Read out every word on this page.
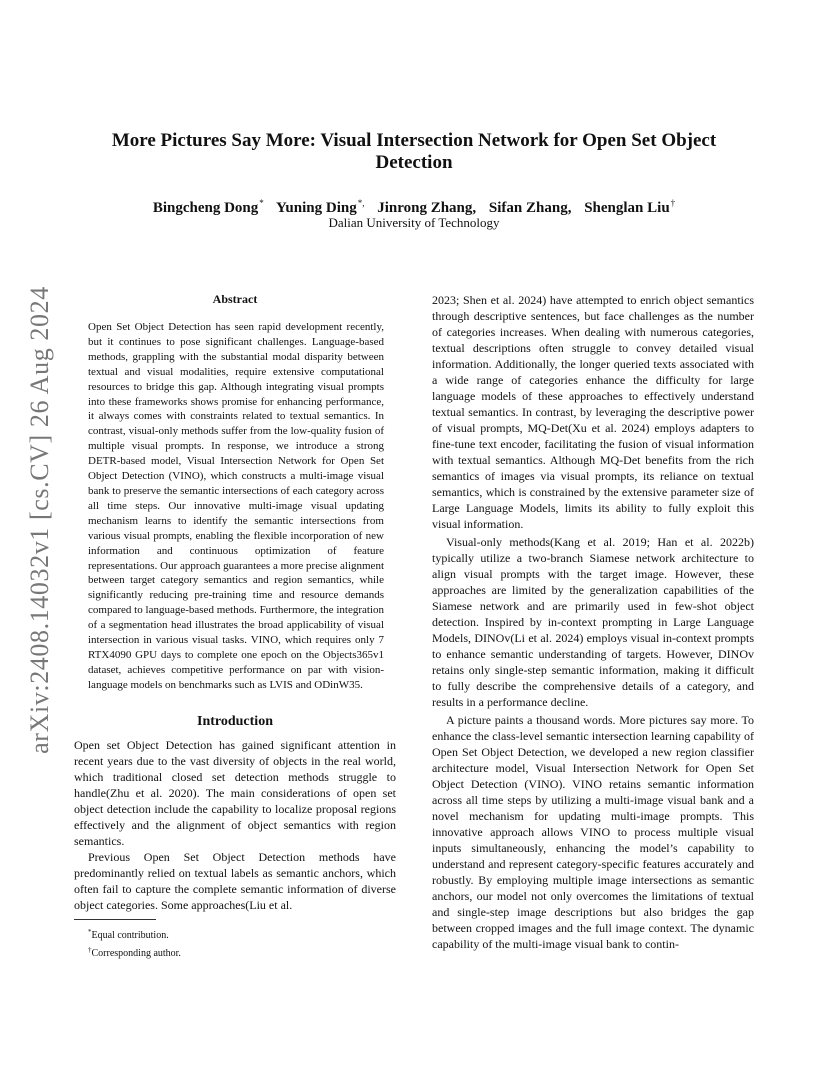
arXiv:2408.14032v1 [cs.CV] 26 Aug 2024
More Pictures Say More: Visual Intersection Network for Open Set Object Detection
Bingcheng Dong* Yuning Ding*, Jinrong Zhang, Sifan Zhang, Shenglan Liu†
Dalian University of Technology
Abstract

Open Set Object Detection has seen rapid development recently, but it continues to pose significant challenges. Language-based methods, grappling with the substantial modal disparity between textual and visual modalities, require extensive computational resources to bridge this gap. Although integrating visual prompts into these frameworks shows promise for enhancing performance, it always comes with constraints related to textual semantics. In contrast, visual-only methods suffer from the low-quality fusion of multiple visual prompts. In response, we introduce a strong DETR-based model, Visual Intersection Network for Open Set Object Detection (VINO), which constructs a multi-image visual bank to preserve the semantic intersections of each category across all time steps. Our innovative multi-image visual updating mechanism learns to identify the semantic intersections from various visual prompts, enabling the flexible incorporation of new information and continuous optimization of feature representations. Our approach guarantees a more precise alignment between target category semantics and region semantics, while significantly reducing pre-training time and resource demands compared to language-based methods. Furthermore, the integration of a segmentation head illustrates the broad applicability of visual intersection in various visual tasks. VINO, which requires only 7 RTX4090 GPU days to complete one epoch on the Objects365v1 dataset, achieves competitive performance on par with vision-language models on benchmarks such as LVIS and ODinW35.

Introduction

Open set Object Detection has gained significant attention in recent years due to the vast diversity of objects in the real world, which traditional closed set detection methods struggle to handle(Zhu et al. 2020). The main considerations of open set object detection include the capability to localize proposal regions effectively and the alignment of object semantics with region semantics.

Previous Open Set Object Detection methods have predominantly relied on textual labels as semantic anchors, which often fail to capture the complete semantic information of diverse object categories. Some approaches(Liu et al.

*Equal contribution.
†Corresponding author.

2023; Shen et al. 2024) have attempted to enrich object semantics through descriptive sentences, but face challenges as the number of categories increases. When dealing with numerous categories, textual descriptions often struggle to convey detailed visual information. Additionally, the longer queried texts associated with a wide range of categories enhance the difficulty for large language models of these approaches to effectively understand textual semantics. In contrast, by leveraging the descriptive power of visual prompts, MQ-Det(Xu et al. 2024) employs adapters to fine-tune text encoder, facilitating the fusion of visual information with textual semantics. Although MQ-Det benefits from the rich semantics of images via visual prompts, its reliance on textual semantics, which is constrained by the extensive parameter size of Large Language Models, limits its ability to fully exploit this visual information.

Visual-only methods(Kang et al. 2019; Han et al. 2022b) typically utilize a two-branch Siamese network architecture to align visual prompts with the target image. However, these approaches are limited by the generalization capabilities of the Siamese network and are primarily used in few-shot object detection. Inspired by in-context prompting in Large Language Models, DINOv(Li et al. 2024) employs visual in-context prompts to enhance semantic understanding of targets. However, DINOv retains only single-step semantic information, making it difficult to fully describe the comprehensive details of a category, and results in a performance decline.

A picture paints a thousand words. More pictures say more. To enhance the class-level semantic intersection learning capability of Open Set Object Detection, we developed a new region classifier architecture model, Visual Intersection Network for Open Set Object Detection (VINO). VINO retains semantic information across all time steps by utilizing a multi-image visual bank and a novel mechanism for updating multi-image prompts. This innovative approach allows VINO to process multiple visual inputs simultaneously, enhancing the model’s capability to understand and represent category-specific features accurately and robustly. By employing multiple image intersections as semantic anchors, our model not only overcomes the limitations of textual and single-step image descriptions but also bridges the gap between cropped images and the full image context. The dynamic capability of the multi-image visual bank to contin-
